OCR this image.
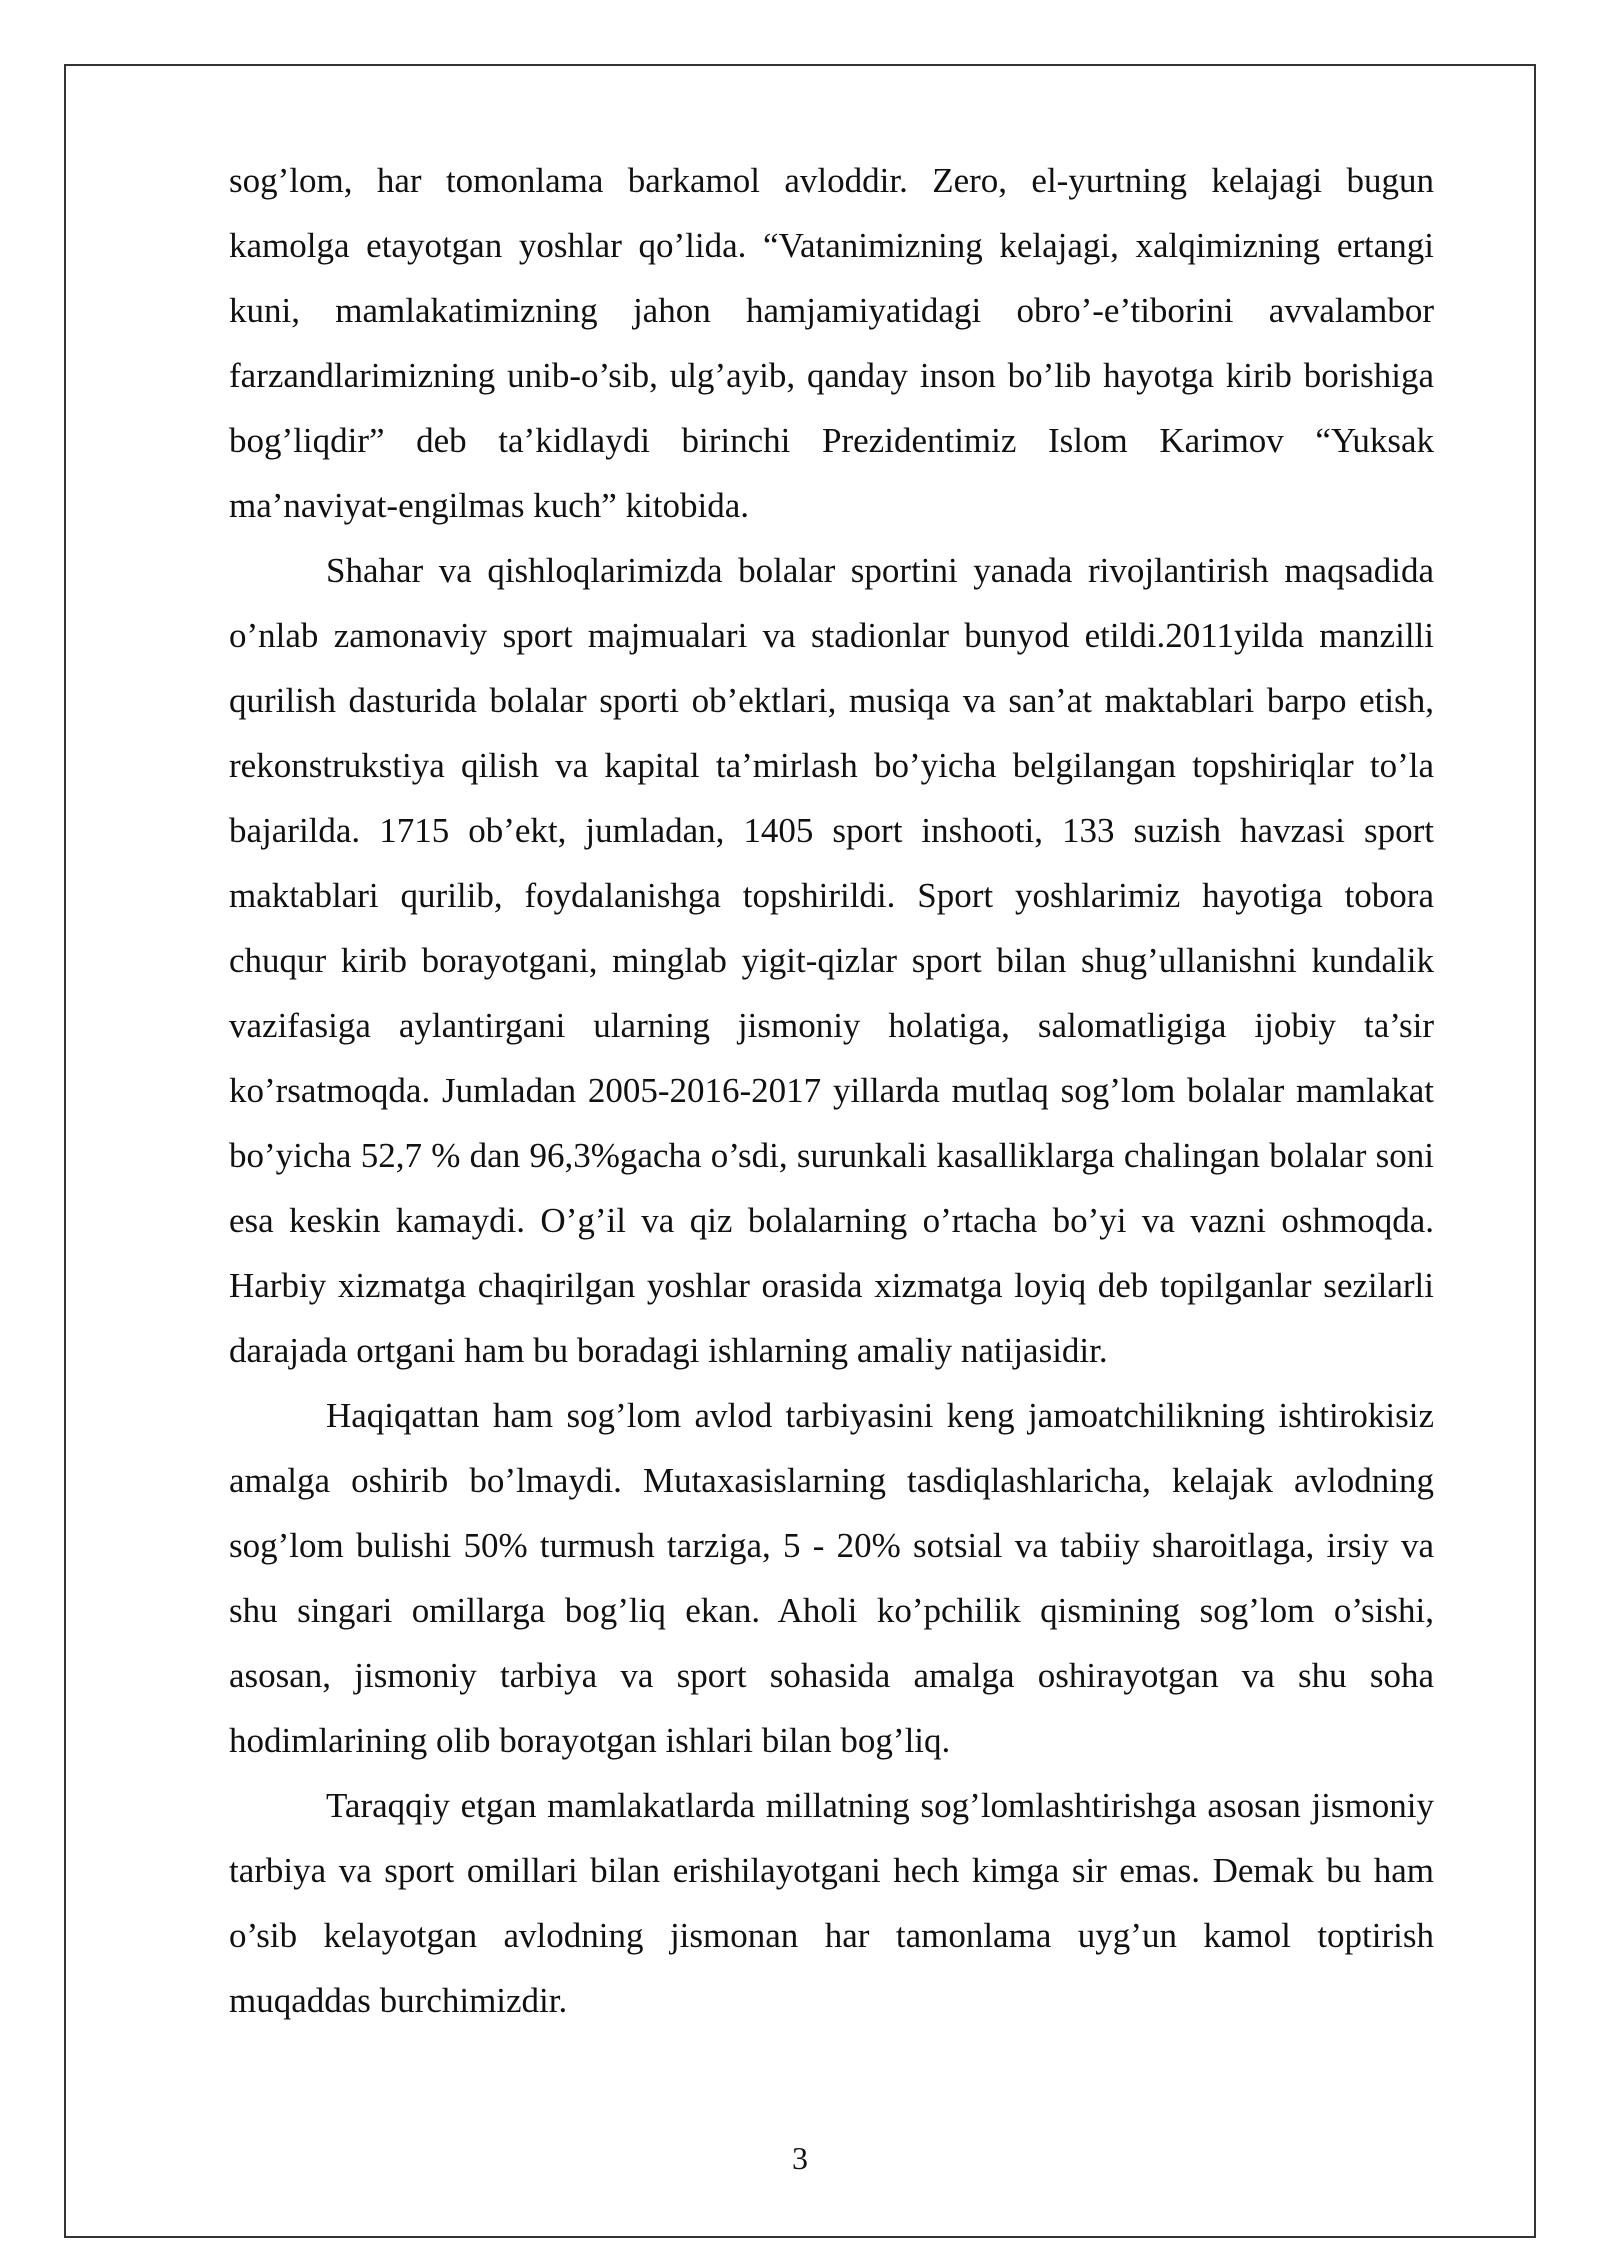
sog’lom, har tomonlama barkamol avloddir. Zero, el-yurtning kelajagi bugun kamolga etayotgan yoshlar qo’lida. “Vatanimizning kelajagi, xalqimizning ertangi kuni, mamlakatimizning jahon hamjamiyatidagi obro’-e’tiborini avvalambor farzandlarimizning unib-o’sib, ulg’ayib, qanday inson bo’lib hayotga kirib borishiga bog’liqdir” deb ta’kidlaydi birinchi Prezidentimiz Islom Karimov “Yuksak ma’naviyat-engilmas kuch” kitobida.

Shahar va qishloqlarimizda bolalar sportini yanada rivojlantirish maqsadida o’nlab zamonaviy sport majmualari va stadionlar bunyod etildi.2011yilda manzilli qurilish dasturida bolalar sporti ob’ektlari, musiqa va san’at maktablari barpo etish, rekonstrukstiya qilish va kapital ta’mirlash bo’yicha belgilangan topshiriqlar to’la bajarilda. 1715 ob’ekt, jumladan, 1405 sport inshooti, 133 suzish havzasi sport maktablari qurilib, foydalanishga topshirildi. Sport yoshlarimiz hayotiga tobora chuqur kirib borayotgani, minglab yigit-qizlar sport bilan shug’ullanishni kundalik vazifasiga aylantirgani ularning jismoniy holatiga, salomatligiga ijobiy ta’sir ko’rsatmoqda. Jumladan 2005-2016-2017 yillarda mutlaq sog’lom bolalar mamlakat bo’yicha 52,7 % dan 96,3%gacha o’sdi, surunkali kasalliklarga chalingan bolalar soni esa keskin kamaydi. O’g’il va qiz bolalarning o’rtacha bo’yi va vazni oshmoqda. Harbiy xizmatga chaqirilgan yoshlar orasida xizmatga loyiq deb topilganlar sezilarli darajada ortgani ham bu boradagi ishlarning amaliy natijasidir.

Haqiqattan ham sog’lom avlod tarbiyasini keng jamoatchilikning ishtirokisiz amalga oshirib bo’lmaydi. Mutaxasislarning tasdiqlashlaricha, kelajak avlodning sog’lom bulishi 50% turmush tarziga, 5 - 20% sotsial va tabiiy sharoitlaga, irsiy va shu singari omillarga bog’liq ekan. Aholi ko’pchilik qismining sog’lom o’sishi, asosan, jismoniy tarbiya va sport sohasida amalga oshirayotgan va shu soha hodimlarining olib borayotgan ishlari bilan bog’liq.

Taraqqiy etgan mamlakatlarda millatning sog’lomlashtirishga asosan jismoniy tarbiya va sport omillari bilan erishilayotgani hech kimga sir emas. Demak bu ham o’sib kelayotgan avlodning jismonan har tamonlama uyg’un kamol toptirish muqaddas burchimizdir.

3
